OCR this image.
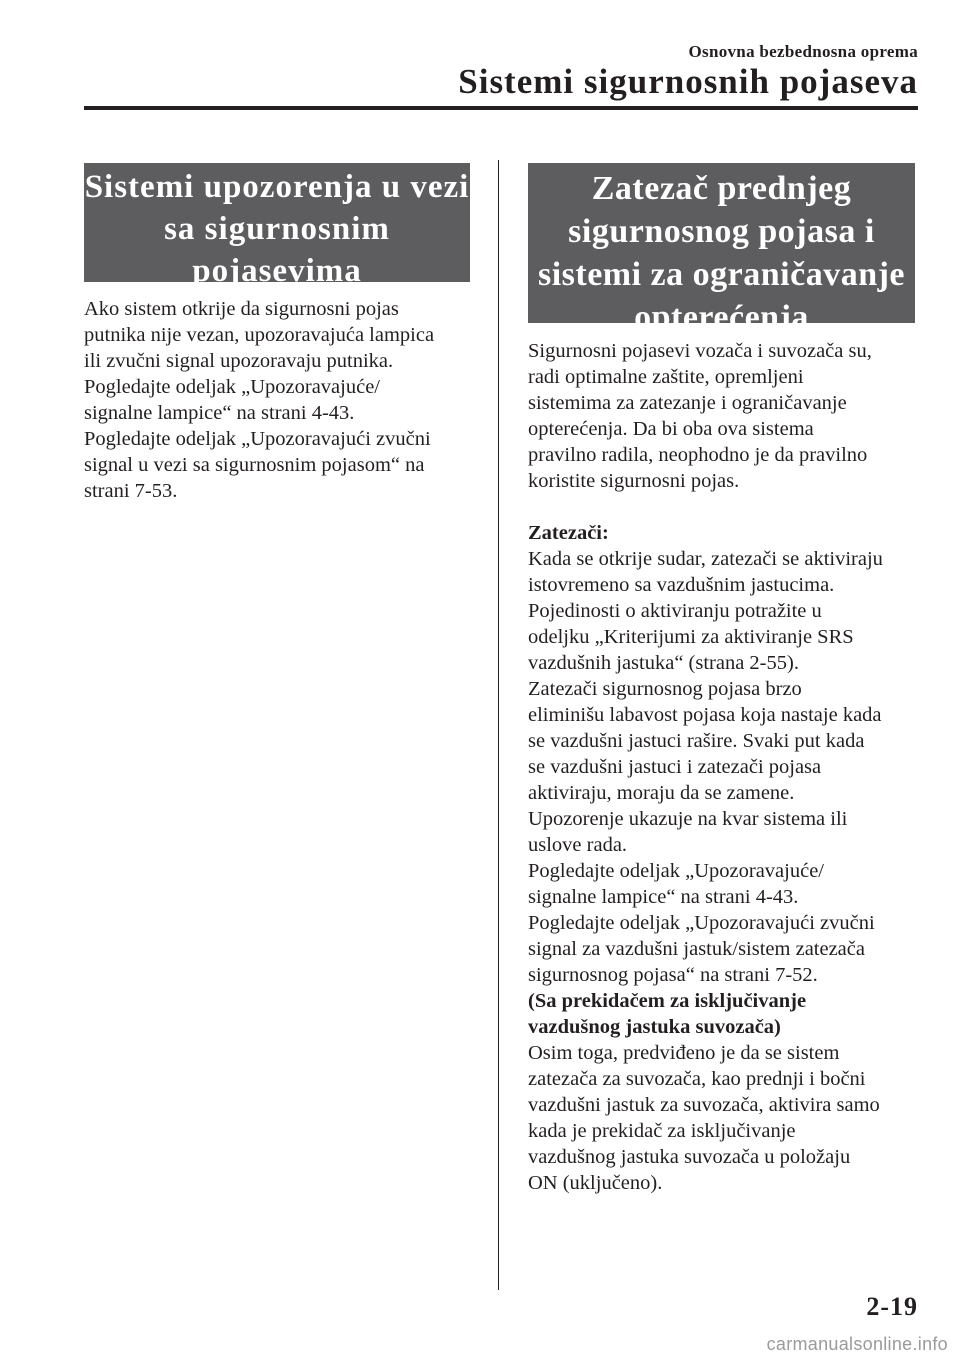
Osnovna bezbednosna oprema
Sistemi sigurnosnih pojaseva
Sistemi upozorenja u vezi
sa sigurnosnim
pojasevima
Ako sistem otkrije da sigurnosni pojas
putnika nije vezan, upozoravajuća lampica
ili zvučni signal upozoravaju putnika.
Pogledajte odeljak „Upozoravajuće/
signalne lampice“ na strani 4-43.
Pogledajte odeljak „Upozoravajući zvučni
signal u vezi sa sigurnosnim pojasom“ na
strani 7-53.
Zatezač prednjeg
sigurnosnog pojasa i
sistemi za ograničavanje
opterećenja
Sigurnosni pojasevi vozača i suvozača su,
radi optimalne zaštite, opremljeni
sistemima za zatezanje i ograničavanje
opterećenja. Da bi oba ova sistema
pravilno radila, neophodno je da pravilno
koristite sigurnosni pojas.
Zatezači:
Kada se otkrije sudar, zatezači se aktiviraju
istovremeno sa vazdušnim jastucima.
Pojedinosti o aktiviranju potražite u
odeljku „Kriterijumi za aktiviranje SRS
vazdušnih jastuka“ (strana 2-55).
Zatezači sigurnosnog pojasa brzo
eliminišu labavost pojasa koja nastaje kada
se vazdušni jastuci rašire. Svaki put kada
se vazdušni jastuci i zatezači pojasa
aktiviraju, moraju da se zamene.
Upozorenje ukazuje na kvar sistema ili
uslove rada.
Pogledajte odeljak „Upozoravajuće/
signalne lampice“ na strani 4-43.
Pogledajte odeljak „Upozoravajući zvučni
signal za vazdušni jastuk/sistem zatezača
sigurnosnog pojasa“ na strani 7-52.
(Sa prekidačem za isključivanje
vazdušnog jastuka suvozača)
Osim toga, predviđeno je da se sistem
zatezača za suvozača, kao prednji i bočni
vazdušni jastuk za suvozača, aktivira samo
kada je prekidač za isključivanje
vazdušnog jastuka suvozača u položaju
ON (uključeno).
2-19
carmanualsonline.info
